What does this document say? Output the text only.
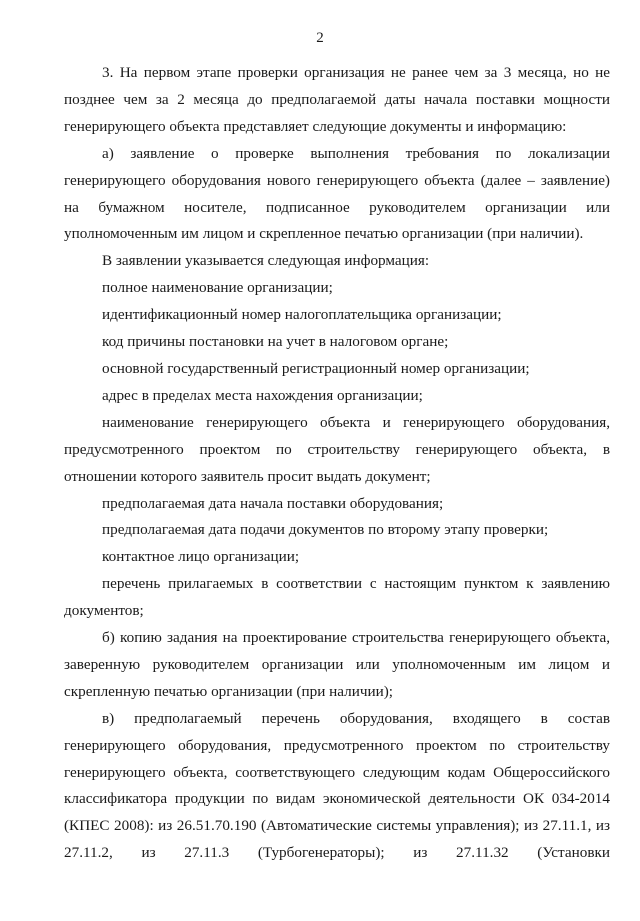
2

3. На первом этапе проверки организация не ранее чем за 3 месяца, но не позднее чем за 2 месяца до предполагаемой даты начала поставки мощности генерирующего объекта представляет следующие документы и информацию:

а) заявление о проверке выполнения требования по локализации генерирующего оборудования нового генерирующего объекта (далее – заявление) на бумажном носителе, подписанное руководителем организации или уполномоченным им лицом и скрепленное печатью организации (при наличии).

В заявлении указывается следующая информация:

полное наименование организации;

идентификационный номер налогоплательщика организации;

код причины постановки на учет в налоговом органе;

основной государственный регистрационный номер организации;

адрес в пределах места нахождения организации;

наименование генерирующего объекта и генерирующего оборудования, предусмотренного проектом по строительству генерирующего объекта, в отношении которого заявитель просит выдать документ;

предполагаемая дата начала поставки оборудования;

предполагаемая дата подачи документов по второму этапу проверки;

контактное лицо организации;

перечень прилагаемых в соответствии с настоящим пунктом к заявлению документов;

б) копию задания на проектирование строительства генерирующего объекта, заверенную руководителем организации или уполномоченным им лицом и скрепленную печатью организации (при наличии);

в) предполагаемый перечень оборудования, входящего в состав генерирующего оборудования, предусмотренного проектом по строительству генерирующего объекта, соответствующего следующим кодам Общероссийского классификатора продукции по видам экономической деятельности ОК 034-2014 (КПЕС 2008): из 26.51.70.190 (Автоматические системы управления); из 27.11.1, из 27.11.2, из 27.11.3 (Турбогенераторы); из 27.11.32 (Установки
